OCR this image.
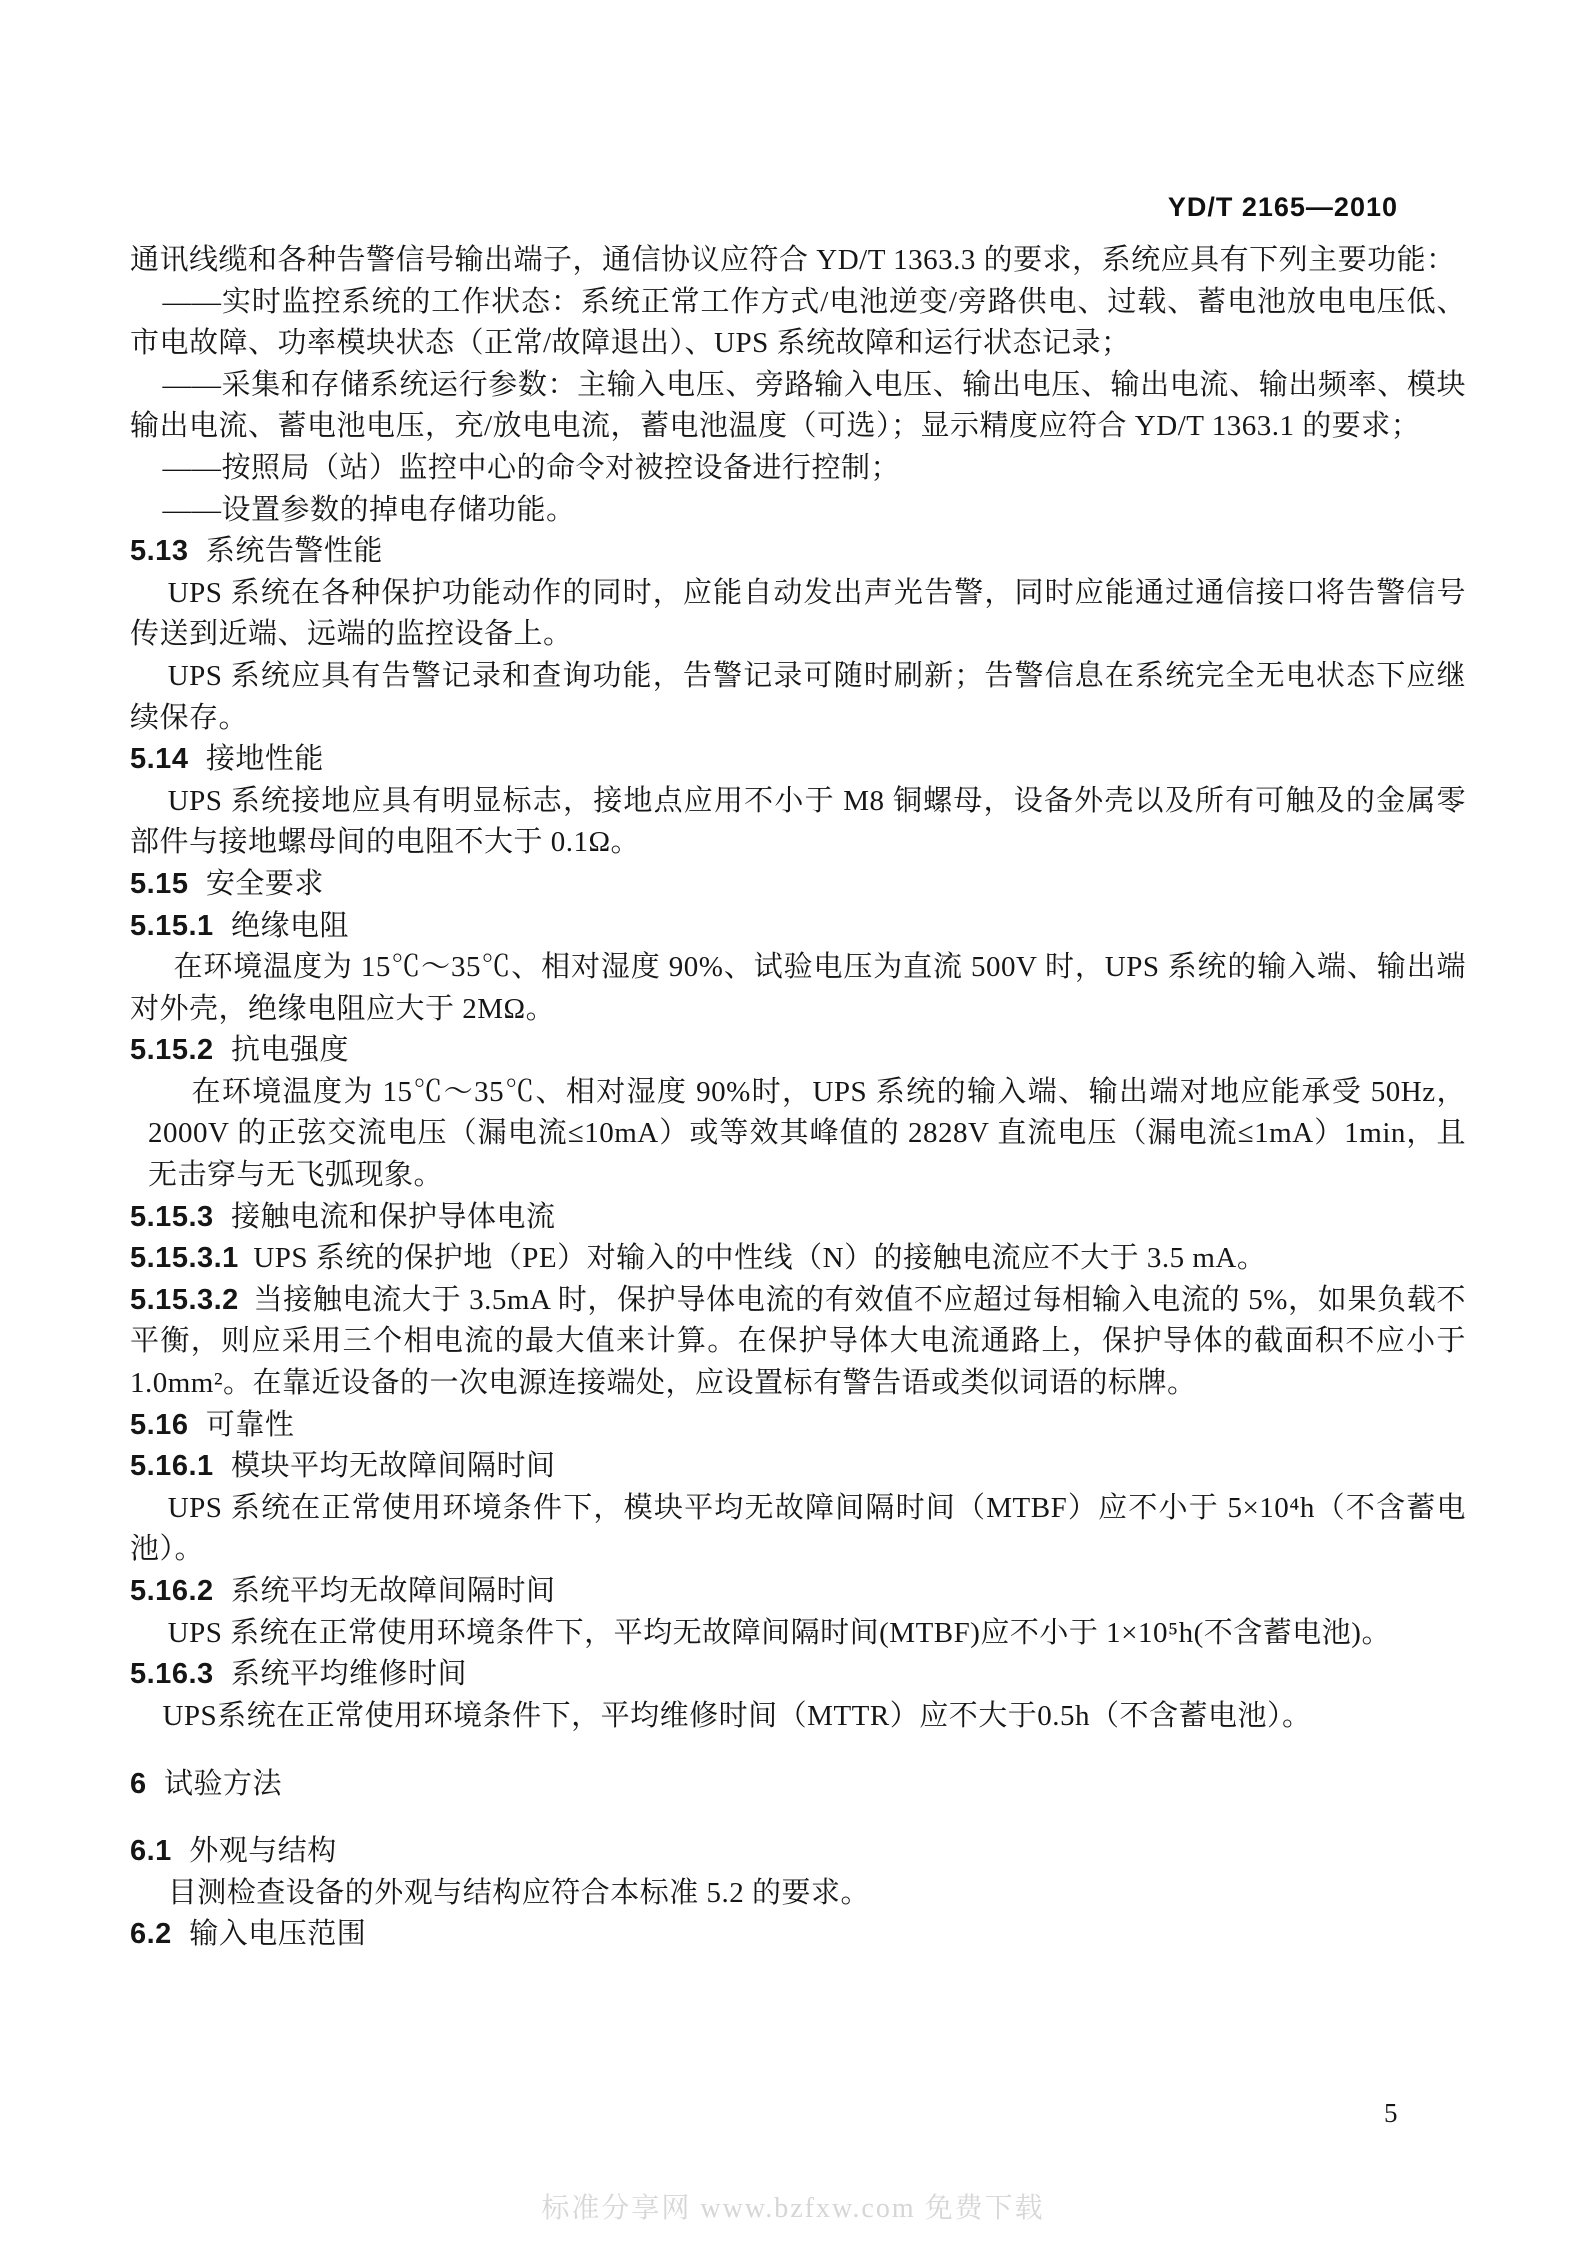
YD/T 2165—2010

通讯线缆和各种告警信号输出端子，通信协议应符合 YD/T 1363.3 的要求，系统应具有下列主要功能：

——实时监控系统的工作状态：系统正常工作方式/电池逆变/旁路供电、过载、蓄电池放电电压低、市电故障、功率模块状态（正常/故障退出）、UPS 系统故障和运行状态记录；

——采集和存储系统运行参数：主输入电压、旁路输入电压、输出电压、输出电流、输出频率、模块输出电流、蓄电池电压，充/放电电流，蓄电池温度（可选）；显示精度应符合 YD/T 1363.1 的要求；

——按照局（站）监控中心的命令对被控设备进行控制；

——设置参数的掉电存储功能。

5.13 系统告警性能

UPS 系统在各种保护功能动作的同时，应能自动发出声光告警，同时应能通过通信接口将告警信号传送到近端、远端的监控设备上。

UPS 系统应具有告警记录和查询功能，告警记录可随时刷新；告警信息在系统完全无电状态下应继续保存。

5.14 接地性能

UPS 系统接地应具有明显标志，接地点应用不小于 M8 铜螺母，设备外壳以及所有可触及的金属零部件与接地螺母间的电阻不大于 0.1Ω。

5.15 安全要求
5.15.1 绝缘电阻

在环境温度为 15℃～35℃、相对湿度 90%、试验电压为直流 500V 时，UPS 系统的输入端、输出端对外壳，绝缘电阻应大于 2MΩ。

5.15.2 抗电强度

在环境温度为 15℃～35℃、相对湿度 90%时，UPS 系统的输入端、输出端对地应能承受 50Hz，2000V 的正弦交流电压（漏电流≤10mA）或等效其峰值的 2828V 直流电压（漏电流≤1mA）1min，且无击穿与无飞弧现象。

5.15.3 接触电流和保护导体电流

5.15.3.1 UPS 系统的保护地（PE）对输入的中性线（N）的接触电流应不大于 3.5 mA。

5.15.3.2 当接触电流大于 3.5mA 时，保护导体电流的有效值不应超过每相输入电流的 5%，如果负载不平衡，则应采用三个相电流的最大值来计算。在保护导体大电流通路上，保护导体的截面积不应小于 1.0mm²。在靠近设备的一次电源连接端处，应设置标有警告语或类似词语的标牌。

5.16 可靠性
5.16.1 模块平均无故障间隔时间

UPS 系统在正常使用环境条件下，模块平均无故障间隔时间（MTBF）应不小于 5×10⁴h（不含蓄电池）。

5.16.2 系统平均无故障间隔时间

UPS 系统在正常使用环境条件下，平均无故障间隔时间(MTBF)应不小于 1×10⁵h(不含蓄电池)。

5.16.3 系统平均维修时间

UPS系统在正常使用环境条件下，平均维修时间（MTTR）应不大于0.5h（不含蓄电池）。

6 试验方法
6.1 外观与结构

目测检查设备的外观与结构应符合本标准 5.2 的要求。

6.2 输入电压范围
5
标准分享网 www.bzfxw.com 免费下载
